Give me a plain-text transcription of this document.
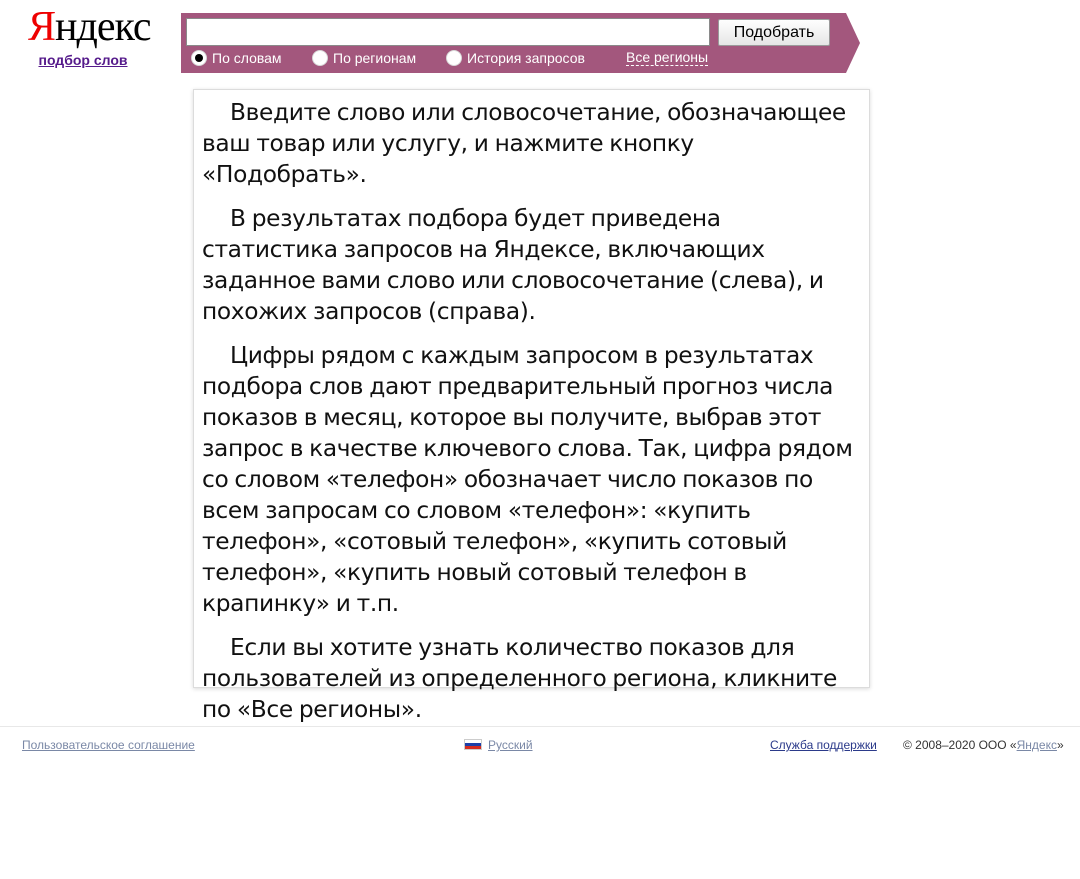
Яндекс
подбор слов
Подобрать
По словам	По регионам	История запросов	Все регионы

Введите слово или словосочетание, обозначающее ваш товар или услугу, и нажмите кнопку «Подобрать».

В результатах подбора будет приведена статистика запросов на Яндексе, включающих заданное вами слово или словосочетание (слева), и похожих запросов (справа).

Цифры рядом с каждым запросом в результатах подбора слов дают предварительный прогноз числа показов в месяц, которое вы получите, выбрав этот запрос в качестве ключевого слова. Так, цифра рядом со словом «телефон» обозначает число показов по всем запросам со словом «телефон»: «купить телефон», «сотовый телефон», «купить сотовый телефон», «купить новый сотовый телефон в крапинку» и т.п.

Если вы хотите узнать количество показов для пользователей из определенного региона, кликните по «Все регионы».

Пользовательское соглашение	Русский	Служба поддержки © 2008–2020 ООО «Яндекс»
